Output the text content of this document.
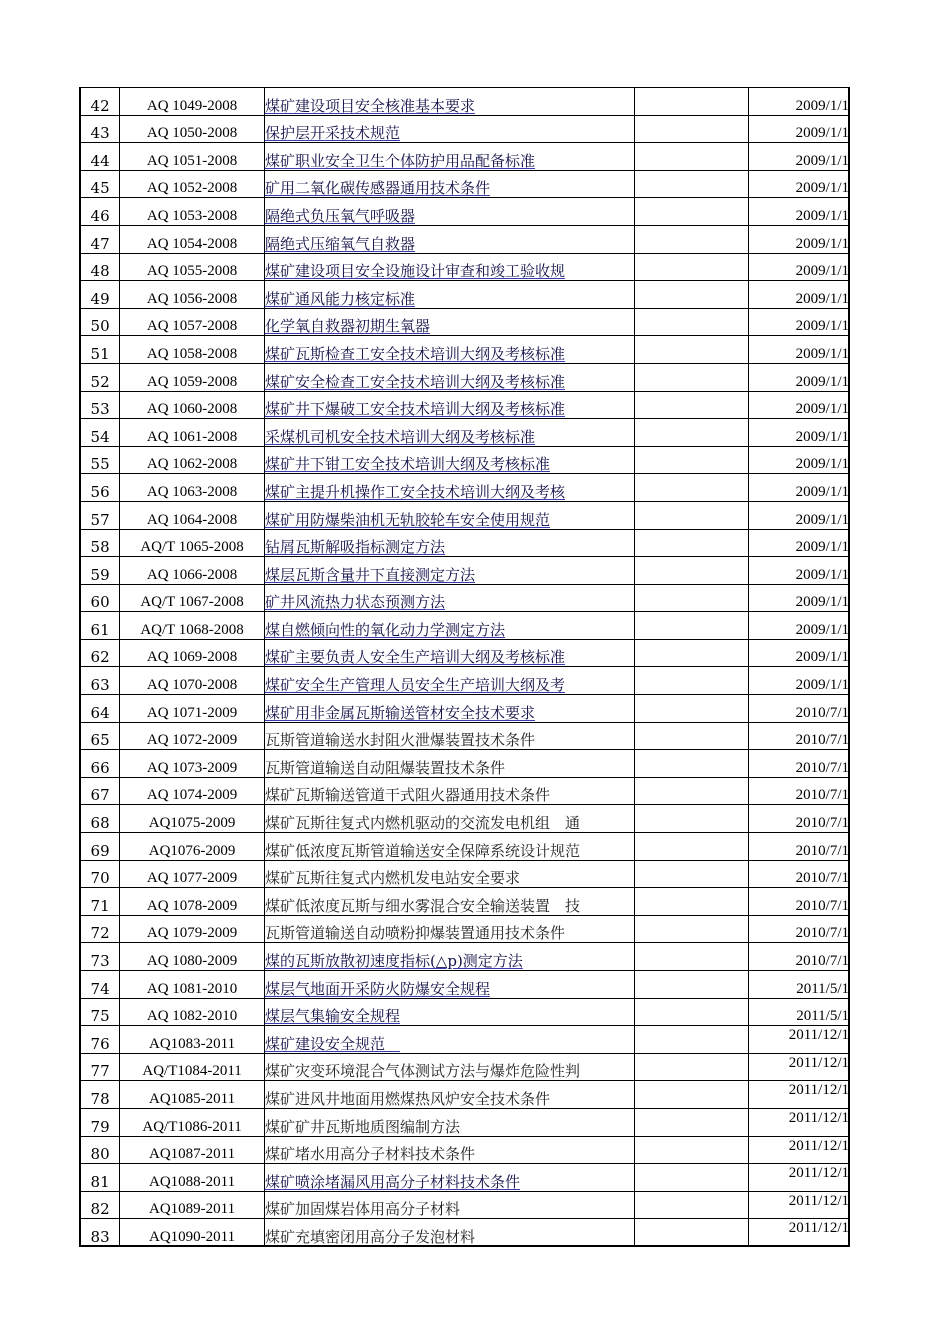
42	AQ 1049-2008	煤矿建设项目安全核准基本要求		2009/1/1
43	AQ 1050-2008	保护层开采技术规范		2009/1/1
44	AQ 1051-2008	煤矿职业安全卫生个体防护用品配备标准		2009/1/1
45	AQ 1052-2008	矿用二氧化碳传感器通用技术条件		2009/1/1
46	AQ 1053-2008	隔绝式负压氧气呼吸器		2009/1/1
47	AQ 1054-2008	隔绝式压缩氧气自救器		2009/1/1
48	AQ 1055-2008	煤矿建设项目安全设施设计审查和竣工验收规		2009/1/1
49	AQ 1056-2008	煤矿通风能力核定标准		2009/1/1
50	AQ 1057-2008	化学氧自救器初期生氧器		2009/1/1
51	AQ 1058-2008	煤矿瓦斯检查工安全技术培训大纲及考核标准		2009/1/1
52	AQ 1059-2008	煤矿安全检查工安全技术培训大纲及考核标准		2009/1/1
53	AQ 1060-2008	煤矿井下爆破工安全技术培训大纲及考核标准		2009/1/1
54	AQ 1061-2008	采煤机司机安全技术培训大纲及考核标准		2009/1/1
55	AQ 1062-2008	煤矿井下钳工安全技术培训大纲及考核标准		2009/1/1
56	AQ 1063-2008	煤矿主提升机操作工安全技术培训大纲及考核		2009/1/1
57	AQ 1064-2008	煤矿用防爆柴油机无轨胶轮车安全使用规范		2009/1/1
58	AQ/T 1065-2008	钻屑瓦斯解吸指标测定方法		2009/1/1
59	AQ 1066-2008	煤层瓦斯含量井下直接测定方法		2009/1/1
60	AQ/T 1067-2008	矿井风流热力状态预测方法		2009/1/1
61	AQ/T 1068-2008	煤自燃倾向性的氧化动力学测定方法		2009/1/1
62	AQ 1069-2008	煤矿主要负责人安全生产培训大纲及考核标准		2009/1/1
63	AQ 1070-2008	煤矿安全生产管理人员安全生产培训大纲及考		2009/1/1
64	AQ 1071-2009	煤矿用非金属瓦斯输送管材安全技术要求		2010/7/1
65	AQ 1072-2009	瓦斯管道输送水封阻火泄爆装置技术条件		2010/7/1
66	AQ 1073-2009	瓦斯管道输送自动阻爆装置技术条件		2010/7/1
67	AQ 1074-2009	煤矿瓦斯输送管道干式阻火器通用技术条件		2010/7/1
68	AQ1075-2009	煤矿瓦斯往复式内燃机驱动的交流发电机组　通		2010/7/1
69	AQ1076-2009	煤矿低浓度瓦斯管道输送安全保障系统设计规范		2010/7/1
70	AQ 1077-2009	煤矿瓦斯往复式内燃机发电站安全要求		2010/7/1
71	AQ 1078-2009	煤矿低浓度瓦斯与细水雾混合安全输送装置　技		2010/7/1
72	AQ 1079-2009	瓦斯管道输送自动喷粉抑爆装置通用技术条件		2010/7/1
73	AQ 1080-2009	煤的瓦斯放散初速度指标(△p)测定方法		2010/7/1
74	AQ 1081-2010	煤层气地面开采防火防爆安全规程		2011/5/1
75	AQ 1082-2010	煤层气集输安全规程		2011/5/1
76	AQ1083-2011	煤矿建设安全规范　		2011/12/1
77	AQ/T1084-2011	煤矿灾变环境混合气体测试方法与爆炸危险性判		2011/12/1
78	AQ1085-2011	煤矿进风井地面用燃煤热风炉安全技术条件		2011/12/1
79	AQ/T1086-2011	煤矿矿井瓦斯地质图编制方法		2011/12/1
80	AQ1087-2011	煤矿堵水用高分子材料技术条件		2011/12/1
81	AQ1088-2011	煤矿喷涂堵漏风用高分子材料技术条件		2011/12/1
82	AQ1089-2011	煤矿加固煤岩体用高分子材料		2011/12/1
83	AQ1090-2011	煤矿充填密闭用高分子发泡材料		2011/12/1
